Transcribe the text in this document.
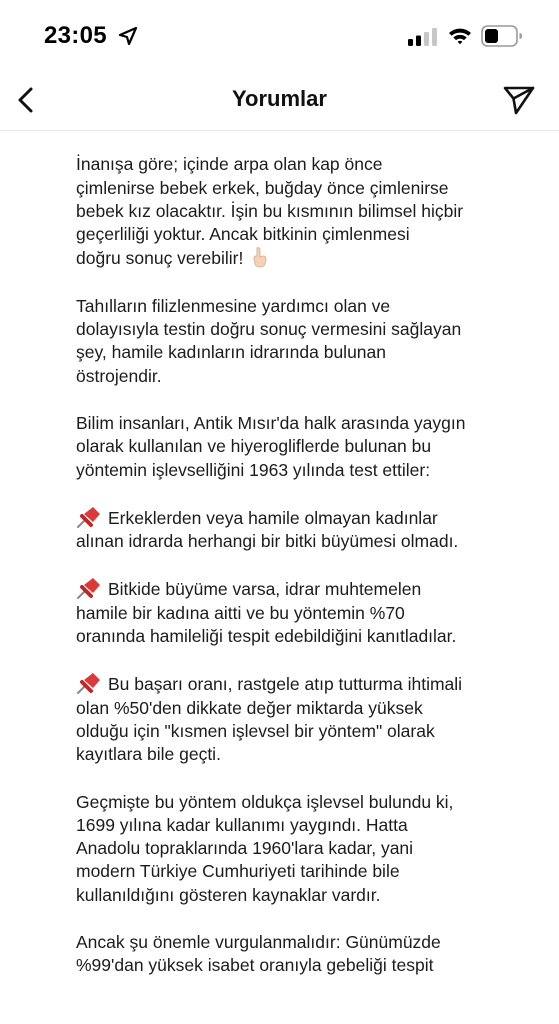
23:05
Yorumlar

İnanışa göre; içinde arpa olan kap önce
çimlenirse bebek erkek, buğday önce çimlenirse
bebek kız olacaktır. İşin bu kısmının bilimsel hiçbir
geçerliliği yoktur. Ancak bitkinin çimlenmesi
doğru sonuç verebilir!

Tahılların filizlenmesine yardımcı olan ve
dolayısıyla testin doğru sonuç vermesini sağlayan
şey, hamile kadınların idrarında bulunan
östrojendir.

Bilim insanları, Antik Mısır'da halk arasında yaygın
olarak kullanılan ve hiyerogliflerde bulunan bu
yöntemin işlevselliğini 1963 yılında test ettiler:

Erkeklerden veya hamile olmayan kadınlar
alınan idrarda herhangi bir bitki büyümesi olmadı.

Bitkide büyüme varsa, idrar muhtemelen
hamile bir kadına aitti ve bu yöntemin %70
oranında hamileliği tespit edebildiğini kanıtladılar.

Bu başarı oranı, rastgele atıp tutturma ihtimali
olan %50'den dikkate değer miktarda yüksek
olduğu için "kısmen işlevsel bir yöntem" olarak
kayıtlara bile geçti.

Geçmişte bu yöntem oldukça işlevsel bulundu ki,
1699 yılına kadar kullanımı yaygındı. Hatta
Anadolu topraklarında 1960'lara kadar, yani
modern Türkiye Cumhuriyeti tarihinde bile
kullanıldığını gösteren kaynaklar vardır.

Ancak şu önemle vurgulanmalıdır: Günümüzde
%99'dan yüksek isabet oranıyla gebeliği tespit
